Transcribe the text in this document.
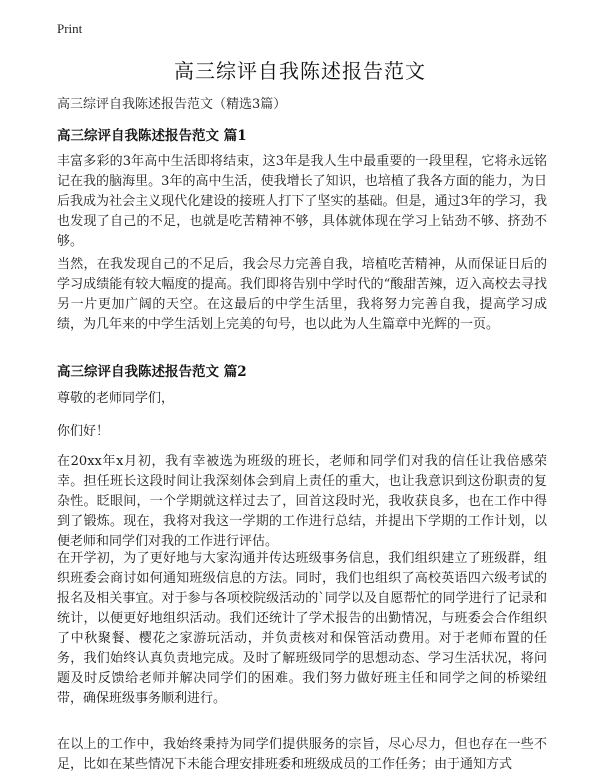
Print
高三综评自我陈述报告范文
高三综评自我陈述报告范文（精选3篇）
高三综评自我陈述报告范文 篇1
丰富多彩的3年高中生活即将结束，这3年是我人生中最重要的一段里程，它将永远铭记在我的脑海里。3年的高中生活，使我增长了知识，也培植了我各方面的能力，为日后我成为社会主义现代化建设的接班人打下了坚实的基础。但是，通过3年的学习，我也发现了自己的不足，也就是吃苦精神不够，具体就体现在学习上钻劲不够、挤劲不够。
当然，在我发现自己的不足后，我会尽力完善自我，培植吃苦精神，从而保证日后的学习成绩能有较大幅度的提高。我们即将告别中学时代的“酸甜苦辣，迈入高校去寻找另一片更加广阔的天空。在这最后的中学生活里，我将努力完善自我，提高学习成绩，为几年来的中学生活划上完美的句号，也以此为人生篇章中光辉的一页。
高三综评自我陈述报告范文 篇2
尊敬的老师同学们，
你们好！
在20xx年x月初，我有幸被选为班级的班长，老师和同学们对我的信任让我倍感荣幸。担任班长这段时间让我深刻体会到肩上责任的重大，也让我意识到这份职责的复杂性。眨眼间，一个学期就这样过去了，回首这段时光，我收获良多，也在工作中得到了锻炼。现在，我将对我这一学期的工作进行总结，并提出下学期的工作计划，以便老师和同学们对我的工作进行评估。
在开学初，为了更好地与大家沟通并传达班级事务信息，我们组织建立了班级群，组织班委会商讨如何通知班级信息的方法。同时，我们也组织了高校英语四六级考试的报名及相关事宜。对于参与各项校院级活动的`同学以及自愿帮忙的同学进行了记录和统计，以便更好地组织活动。我们还统计了学术报告的出勤情况，与班委会合作组织了中秋聚餐、樱花之家游玩活动，并负责核对和保管活动费用。对于老师布置的任务，我们始终认真负责地完成。及时了解班级同学的思想动态、学习生活状况，将问题及时反馈给老师并解决同学们的困难。我们努力做好班主任和同学之间的桥梁纽带，确保班级事务顺利进行。
在以上的工作中，我始终秉持为同学们提供服务的宗旨，尽心尽力，但也存在一些不足，比如在某些情况下未能合理安排班委和班级成员的工作任务；由于通知方式
